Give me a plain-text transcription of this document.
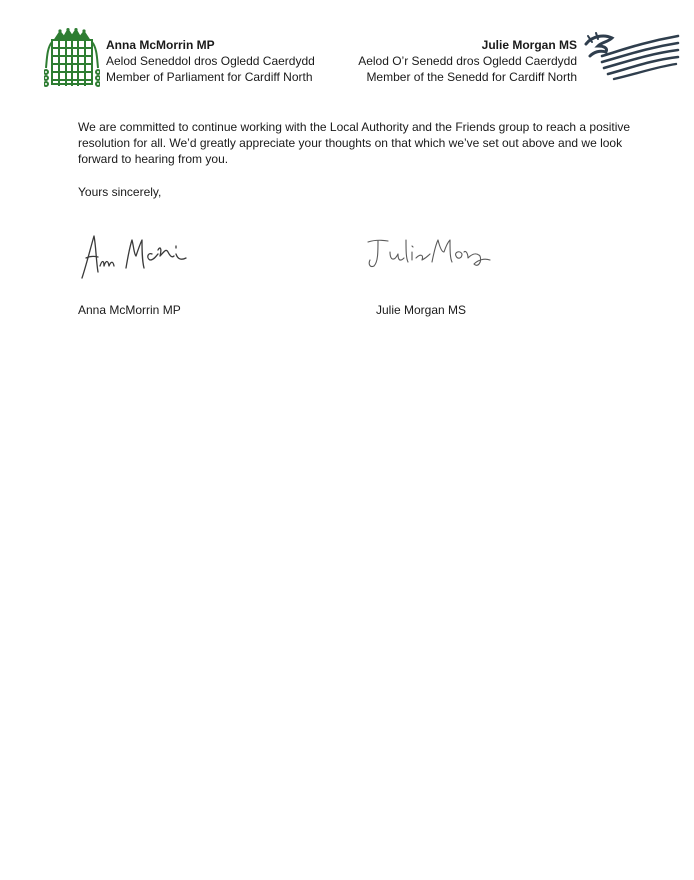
Anna McMorrin MP
Aelod Seneddol dros Ogledd Caerdydd
Member of Parliament for Cardiff North
Julie Morgan MS
Aelod O’r Senedd dros Ogledd Caerdydd
Member of the Senedd for Cardiff North

We are committed to continue working with the Local Authority and the Friends group to reach a positive resolution for all. We’d greatly appreciate your thoughts on that which we’ve set out above and we look forward to hearing from you.

Yours sincerely,
Anna McMorrin MP	Julie Morgan MS
